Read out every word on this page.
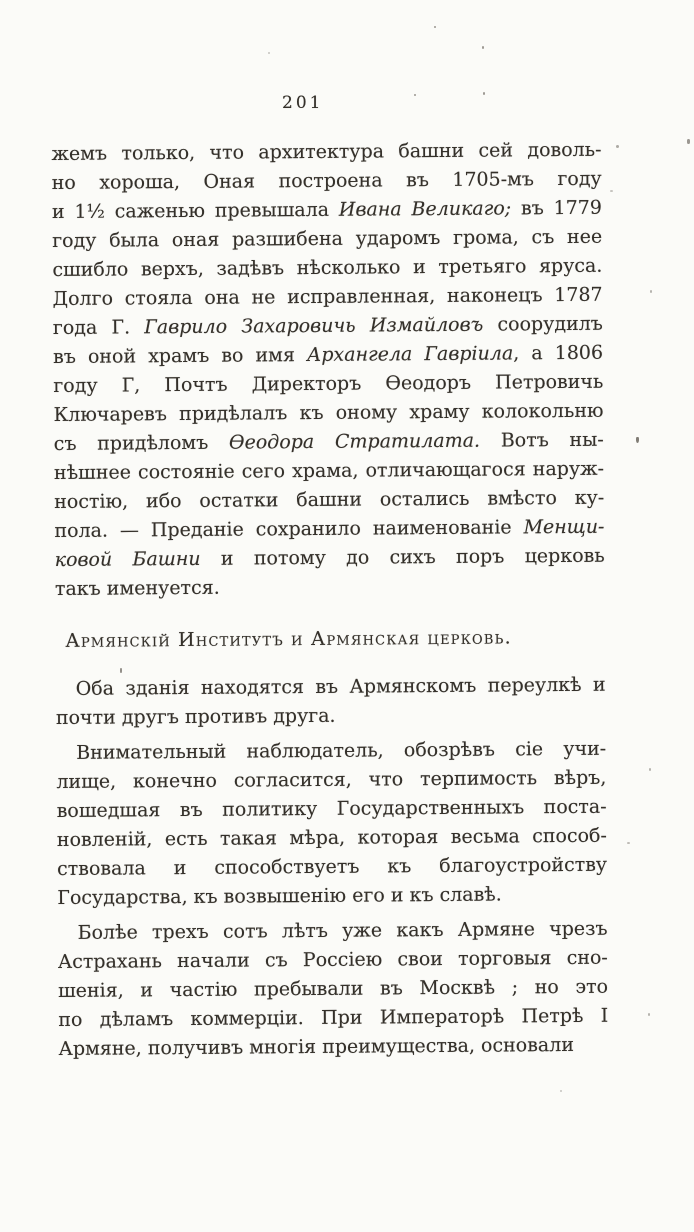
201

жемъ только, что архитектура башни сей доволь-
но хороша, Оная построена въ 1705-мъ году
и 1½ саженью превышала Ивана Великаго; въ 1779
году была оная разшибена ударомъ грома, съ нее
сшибло верхъ, задѣвъ нѣсколько и третьяго яруса.
Долго стояла она не исправленная, наконецъ 1787
года Г. Гаврило Захаровичь Измайловъ соорудилъ
въ оной храмъ во имя Архангела Гавріила, а 1806
году Г, Почтъ Директоръ Ѳеодоръ Петровичь
Ключаревъ придѣлалъ къ оному храму колокольню
съ придѣломъ Ѳеодора Стратилата. Вотъ ны-
нѣшнее состояніе сего храма, отличающагося наруж-
ностію, ибо остатки башни остались вмѣсто ку-
пола. — Преданіе сохранило наименованіе Менщи-
ковой Башни и потому до сихъ поръ церковь
такъ именуется.

Армянскій Институтъ и Армянская церковь.

Оба зданія находятся въ Армянскомъ переулкѣ и
почти другъ противъ друга.

Внимательный наблюдатель, обозрѣвъ сіе учи-
лище, конечно согласится, что терпимость вѣръ,
вошедшая въ политику Государственныхъ поста-
новленій, есть такая мѣра, которая весьма способ-
ствовала и способствуетъ къ благоустройству
Государства, къ возвышенію его и къ славѣ.

Болѣе трехъ сотъ лѣтъ уже какъ Армяне чрезъ
Астрахань начали съ Россіею свои торговыя сно-
шенія, и частію пребывали въ Москвѣ ; но это
по дѣламъ коммерціи. При Императорѣ Петрѣ I
Армяне, получивъ многія преимущества, основали
